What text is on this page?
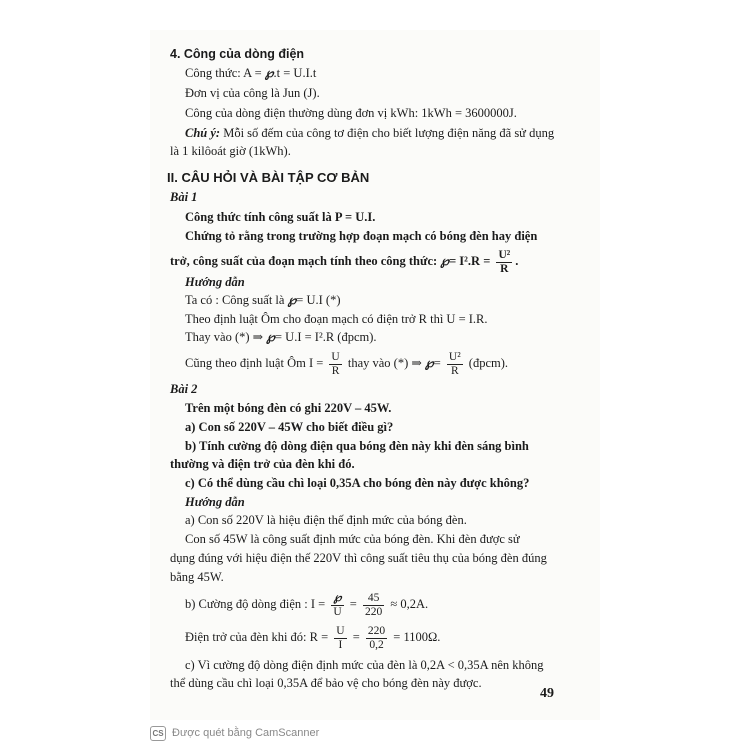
4. Công của dòng điện
Công thức: A = ℘.t = U.I.t
Đơn vị của công là Jun (J).
Công của dòng điện thường dùng đơn vị kWh: 1kWh = 3600000J.
Chú ý: Mỗi số đếm của công tơ điện cho biết lượng điện năng đã sử dụng
là 1 kilôoát giờ (1kWh).
II. CÂU HỎI VÀ BÀI TẬP CƠ BẢN
Bài 1
Công thức tính công suất là P = U.I.
Chứng tỏ rằng trong trường hợp đoạn mạch có bóng đèn hay điện
trở, công suất của đoạn mạch tính theo công thức: ℘= $I^2.R = \frac{\text{U²}}{R}$ .
Hướng dẫn
Ta có : Công suất là ℘= U.I (*)
Theo định luật Ôm cho đoạn mạch có điện trở R thì U = I.R.
Thay vào (*) ⇒ ℘= U.I = I².R (đpcm).
Cũng theo định luật Ôm $I = \frac{U}{R}$ thay vào (*) ⇒ ℘= $\frac{\text{U²}}{R}$ (đpcm).
Bài 2
Trên một bóng đèn có ghi 220V – 45W.
a) Con số 220V – 45W cho biết điều gì?
b) Tính cường độ dòng điện qua bóng đèn này khi đèn sáng bình
thường và điện trở của đèn khi đó.
c) Có thể dùng cầu chì loại 0,35A cho bóng đèn này được không?
Hướng dẫn
a) Con số 220V là hiệu điện thế định mức của bóng đèn.
Con số 45W là công suất định mức của bóng đèn. Khi đèn được sử
dụng đúng với hiệu điện thế 220V thì công suất tiêu thụ của bóng đèn đúng
bằng 45W.
b) Cường độ dòng điện : $I = \frac{℘}{U} = \frac{45}{220} \approx 0,2A$.
Điện trở của đèn khi đó: $R = \frac{U}{I} = \frac{220}{0,2} = 1100\Omega$.
c) Vì cường độ dòng điện định mức của đèn là 0,2A < 0,35A nên không
thể dùng cầu chì loại 0,35A để bảo vệ cho bóng đèn này được.
49
CS Được quét bằng CamScanner
